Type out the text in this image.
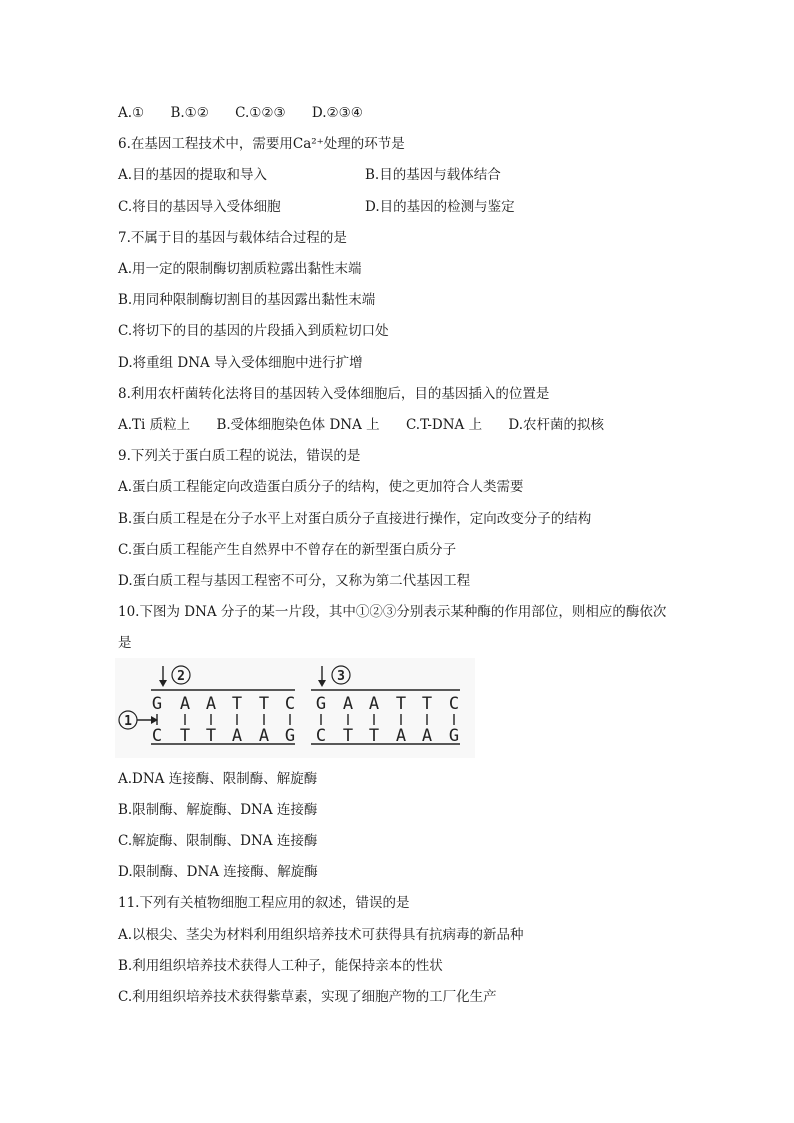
A.① B.①② C.①②③ D.②③④
6.在基因工程技术中，需要用Ca²⁺处理的环节是
A.目的基因的提取和导入	B.目的基因与载体结合
C.将目的基因导入受体细胞	D.目的基因的检测与鉴定
7.不属于目的基因与载体结合过程的是
A.用一定的限制酶切割质粒露出黏性末端
B.用同种限制酶切割目的基因露出黏性末端
C.将切下的目的基因的片段插入到质粒切口处
D.将重组 DNA 导入受体细胞中进行扩增
8.利用农杆菌转化法将目的基因转入受体细胞后，目的基因插入的位置是
A.Ti 质粒上 B.受体细胞染色体 DNA 上 C.T-DNA 上 D.农杆菌的拟核
9.下列关于蛋白质工程的说法，错误的是
A.蛋白质工程能定向改造蛋白质分子的结构，使之更加符合人类需要
B.蛋白质工程是在分子水平上对蛋白质分子直接进行操作，定向改变分子的结构
C.蛋白质工程能产生自然界中不曾存在的新型蛋白质分子
D.蛋白质工程与基因工程密不可分，又称为第二代基因工程
10.下图为 DNA 分子的某一片段，其中①②③分别表示某种酶的作用部位，则相应的酶依次
是
2	3
1
G A A T T C G A A T T C
C T T A A G C T T A A G
A.DNA 连接酶、限制酶、解旋酶
B.限制酶、解旋酶、DNA 连接酶
C.解旋酶、限制酶、DNA 连接酶
D.限制酶、DNA 连接酶、解旋酶
11.下列有关植物细胞工程应用的叙述，错误的是
A.以根尖、茎尖为材料利用组织培养技术可获得具有抗病毒的新品种
B.利用组织培养技术获得人工种子，能保持亲本的性状
C.利用组织培养技术获得紫草素，实现了细胞产物的工厂化生产
